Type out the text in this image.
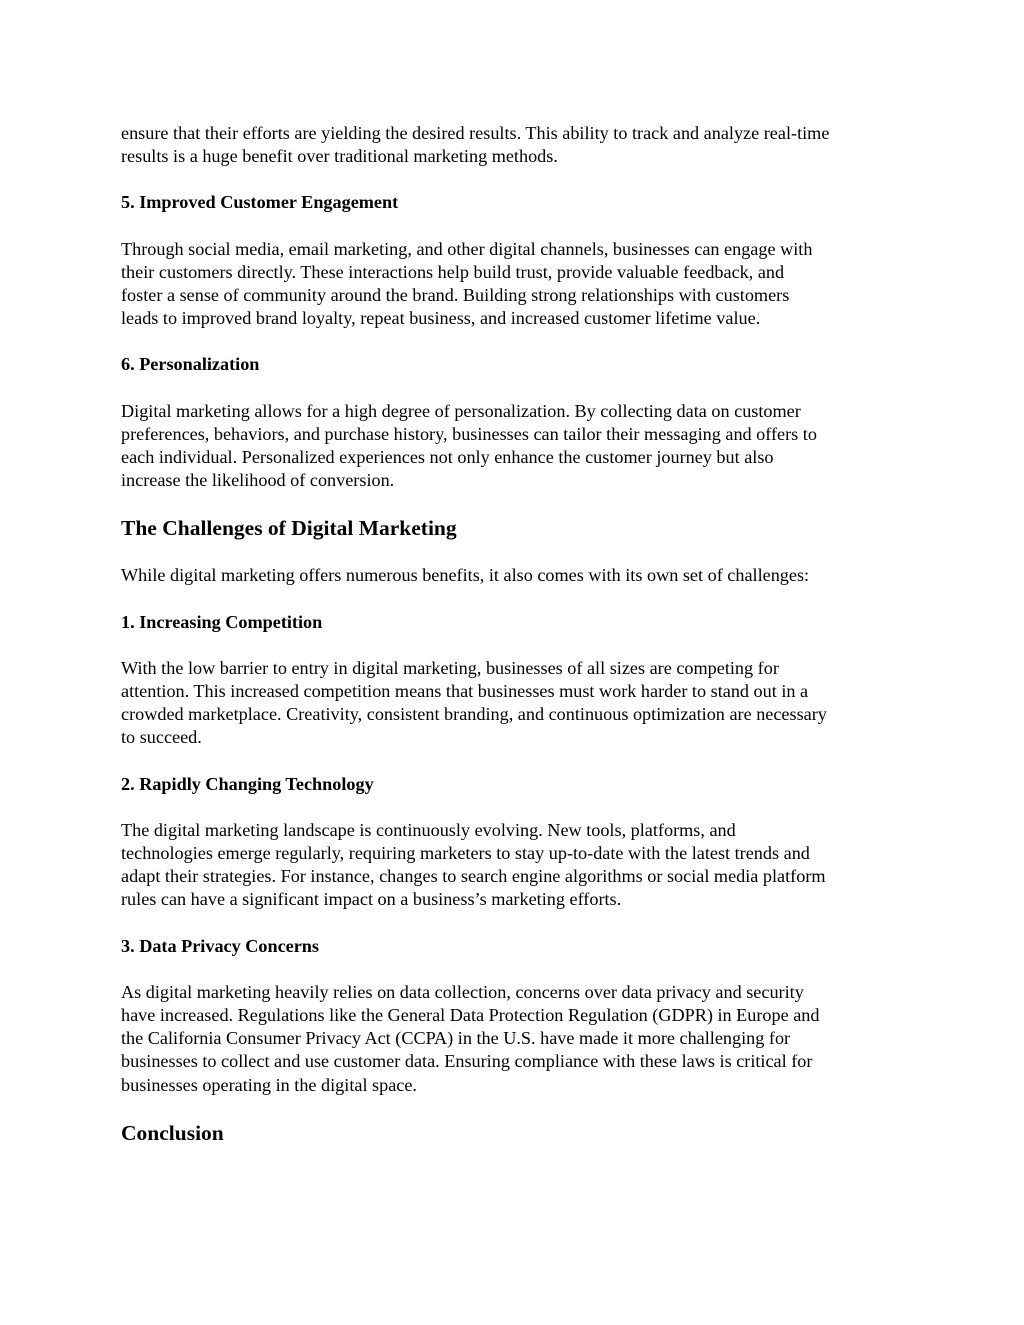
ensure that their efforts are yielding the desired results. This ability to track and analyze real-time
results is a huge benefit over traditional marketing methods.

5. Improved Customer Engagement

Through social media, email marketing, and other digital channels, businesses can engage with
their customers directly. These interactions help build trust, provide valuable feedback, and
foster a sense of community around the brand. Building strong relationships with customers
leads to improved brand loyalty, repeat business, and increased customer lifetime value.

6. Personalization

Digital marketing allows for a high degree of personalization. By collecting data on customer
preferences, behaviors, and purchase history, businesses can tailor their messaging and offers to
each individual. Personalized experiences not only enhance the customer journey but also
increase the likelihood of conversion.

The Challenges of Digital Marketing

While digital marketing offers numerous benefits, it also comes with its own set of challenges:

1. Increasing Competition

With the low barrier to entry in digital marketing, businesses of all sizes are competing for
attention. This increased competition means that businesses must work harder to stand out in a
crowded marketplace. Creativity, consistent branding, and continuous optimization are necessary
to succeed.

2. Rapidly Changing Technology

The digital marketing landscape is continuously evolving. New tools, platforms, and
technologies emerge regularly, requiring marketers to stay up-to-date with the latest trends and
adapt their strategies. For instance, changes to search engine algorithms or social media platform
rules can have a significant impact on a business’s marketing efforts.

3. Data Privacy Concerns

As digital marketing heavily relies on data collection, concerns over data privacy and security
have increased. Regulations like the General Data Protection Regulation (GDPR) in Europe and
the California Consumer Privacy Act (CCPA) in the U.S. have made it more challenging for
businesses to collect and use customer data. Ensuring compliance with these laws is critical for
businesses operating in the digital space.

Conclusion
